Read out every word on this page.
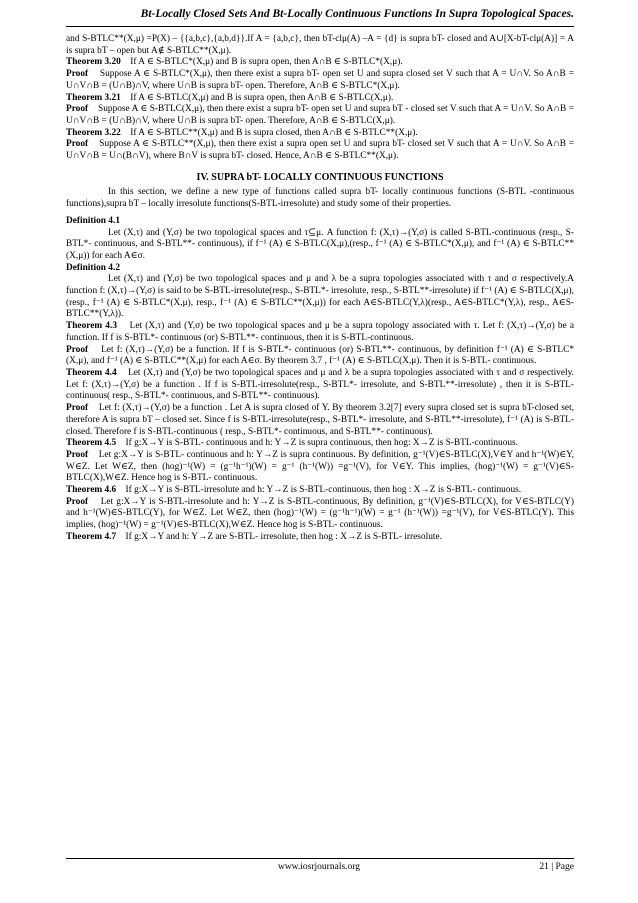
Bt-Locally Closed Sets And Bt-Locally Continuous Functions In Supra Topological Spaces.

and S-BTLC**(X,μ) =P(X) – {{a,b,c},{a,b,d}}.If A = {a,b,c}, then bT-clμ(A) –A = {d} is supra bT- closed and A∪[X-bT-clμ(A)] = A is supra bT – open but A∉ S-BTLC**(X,μ).

Theorem 3.20 If A ∈ S-BTLC*(X,μ) and B is supra open, then A∩B ∈ S-BTLC*(X,μ).

Proof Suppose A ∈ S-BTLC*(X,μ), then there exist a supra bT- open set U and supra closed set V such that A = U∩V. So A∩B = U∩V∩B = (U∩B)∩V, where U∩B is supra bT- open. Therefore, A∩B ∈ S-BTLC*(X,μ).

Theorem 3.21 If A ∈ S-BTLC(X,μ) and B is supra open, then A∩B ∈ S-BTLC(X,μ).

Proof Suppose A ∈ S-BTLC(X,μ), then there exist a supra bT- open set U and supra bT - closed set V such that A = U∩V. So A∩B = U∩V∩B = (U∩B)∩V, where U∩B is supra bT- open. Therefore, A∩B ∈ S-BTLC(X,μ).

Theorem 3.22 If A ∈ S-BTLC**(X,μ) and B is supra closed, then A∩B ∈ S-BTLC**(X,μ).

Proof Suppose A ∈ S-BTLC**(X,μ), then there exist a supra open set U and supra bT- closed set V such that A = U∩V. So A∩B = U∩V∩B = U∩(B∩V), where B∩V is supra bT- closed. Hence, A∩B ∈ S-BTLC**(X,μ).

IV. SUPRA bT- LOCALLY CONTINUOUS FUNCTIONS

In this section, we define a new type of functions called supra bT- locally continuous functions (S-BTL -continuous functions),supra bT – locally irresolute functions(S-BTL-irresolute) and study some of their properties.

Definition 4.1

Let (X,τ) and (Y,σ) be two topological spaces and τ⊆μ. A function f: (X,τ)→(Y,σ) is called S-BTL-continuous (resp., S-BTL*- continuous, and S-BTL**- continuous), if f⁻¹ (A) ∈ S-BTLC(X,μ),(resp., f⁻¹ (A) ∈ S-BTLC*(X,μ), and f⁻¹ (A) ∈ S-BTLC**(X,μ)) for each A∈σ.

Definition 4.2

Let (X,τ) and (Y,σ) be two topological spaces and μ and λ be a supra topologies associated with τ and σ respectively.A function f: (X,τ)→(Y,σ) is said to be S-BTL-irresolute(resp., S-BTL*- irresolute, resp., S-BTL**-irresolute) if f⁻¹ (A) ∈ S-BTLC(X,μ),(resp., f⁻¹ (A) ∈ S-BTLC*(X,μ), resp., f⁻¹ (A) ∈ S-BTLC**(X,μ)) for each A∈S-BTLC(Y,λ)(resp., A∈S-BTLC*(Y,λ), resp., A∈S-BTLC**(Y,λ)).

Theorem 4.3 Let (X,τ) and (Y,σ) be two topological spaces and μ be a supra topology associated with τ. Let f: (X,τ)→(Y,σ) be a function. If f is S-BTL*- continuous (or) S-BTL**- continuous, then it is S-BTL-continuous.

Proof Let f: (X,τ)→(Y,σ) be a function. If f is S-BTL*- continuous (or) S-BTL**- continuous, by definition f⁻¹ (A) ∈ S-BTLC*(X,μ), and f⁻¹ (A) ∈ S-BTLC**(X,μ) for each A∈σ. By theorem 3.7 , f⁻¹ (A) ∈ S-BTLC(X,μ). Then it is S-BTL- continuous.

Theorem 4.4 Let (X,τ) and (Y,σ) be two topological spaces and μ and λ be a supra topologies associated with τ and σ respectively. Let f: (X,τ)→(Y,σ) be a function . If f is S-BTL-irresolute(resp., S-BTL*- irresolute, and S-BTL**-irresolute) , then it is S-BTL- continuous( resp., S-BTL*- continuous, and S-BTL**- continuous).

Proof Let f: (X,τ)→(Y,σ) be a function . Let A is supra closed of Y. By theorem 3.2[7] every supra closed set is supra bT-closed set, therefore A is supra bT – closed set. Since f is S-BTL-irresolute(resp., S-BTL*- irresolute, and S-BTL**-irresolute), f⁻¹ (A) is S-BTL-closed. Therefore f is S-BTL-continuous ( resp., S-BTL*- continuous, and S-BTL**- continuous).

Theorem 4.5 If g:X→Y is S-BTL- continuous and h: Y→Z is supra continuous, then hog: X→Z is S-BTL-continuous.

Proof Let g:X→Y is S-BTL- continuous and h: Y→Z is supra continuous. By definition, g⁻¹(V)∈S-BTLC(X),V∈Y and h⁻¹(W)∈Y, W∈Z. Let W∈Z, then (hog)⁻¹(W) = (g⁻¹h⁻¹)(W) = g⁻¹ (h⁻¹(W)) =g⁻¹(V), for V∈Y. This implies, (hog)⁻¹(W) = g⁻¹(V)∈S-BTLC(X),W∈Z. Hence hog is S-BTL- continuous.

Theorem 4.6 If g:X→Y is S-BTL-irresolute and h: Y→Z is S-BTL-continuous, then hog : X→Z is S-BTL- continuous.

Proof Let g:X→Y is S-BTL-irresolute and h: Y→Z is S-BTL-continuous, By definition, g⁻¹(V)∈S-BTLC(X), for V∈S-BTLC(Y) and h⁻¹(W)∈S-BTLC(Y), for W∈Z. Let W∈Z, then (hog)⁻¹(W) = (g⁻¹h⁻¹)(W) = g⁻¹ (h⁻¹(W)) =g⁻¹(V), for V∈S-BTLC(Y). This implies, (hog)⁻¹(W) = g⁻¹(V)∈S-BTLC(X),W∈Z. Hence hog is S-BTL- continuous.

Theorem 4.7 If g:X→Y and h: Y→Z are S-BTL- irresolute, then hog : X→Z is S-BTL- irresolute.

www.iosrjournals.org	21 | Page
